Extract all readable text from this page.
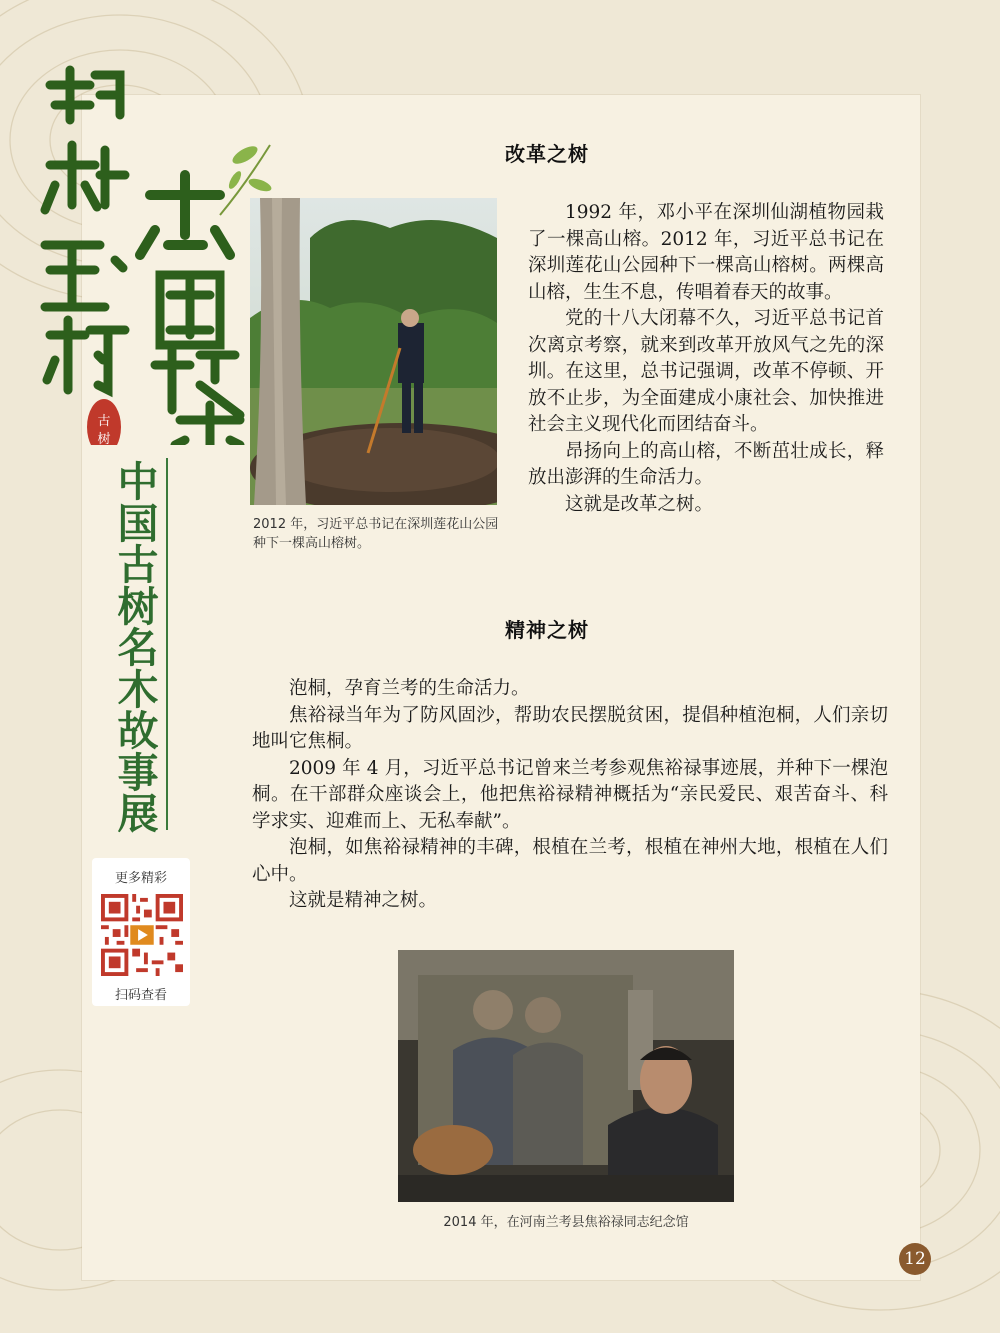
古
树
中国古树名木故事展
更多精彩
扫码查看
改革之树
2012 年，习近平总书记在深圳莲花山公园种下一棵高山榕树。

1992 年，邓小平在深圳仙湖植物园栽了一棵高山榕。2012 年，习近平总书记在深圳莲花山公园种下一棵高山榕树。两棵高山榕，生生不息，传唱着春天的故事。

党的十八大闭幕不久，习近平总书记首次离京考察，就来到改革开放风气之先的深圳。在这里，总书记强调，改革不停顿、开放不止步，为全面建成小康社会、加快推进社会主义现代化而团结奋斗。

昂扬向上的高山榕，不断茁壮成长，释放出澎湃的生命活力。

这就是改革之树。

精神之树

泡桐，孕育兰考的生命活力。

焦裕禄当年为了防风固沙，帮助农民摆脱贫困，提倡种植泡桐，人们亲切地叫它焦桐。

2009 年 4 月，习近平总书记曾来兰考参观焦裕禄事迹展，并种下一棵泡桐。在干部群众座谈会上，他把焦裕禄精神概括为“亲民爱民、艰苦奋斗、科学求实、迎难而上、无私奉献”。

泡桐，如焦裕禄精神的丰碑，根植在兰考，根植在神州大地，根植在人们心中。

这就是精神之树。

2014 年，在河南兰考县焦裕禄同志纪念馆
12
